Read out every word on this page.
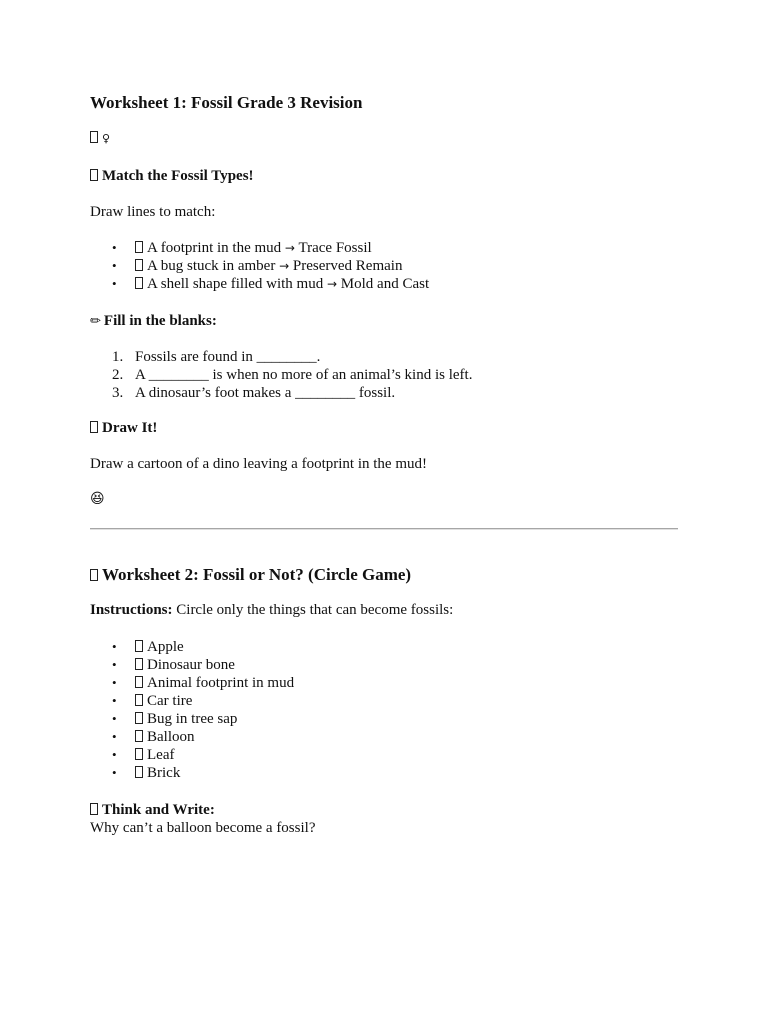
Worksheet 1: Fossil Grade 3 Revision
♀
Match the Fossil Types!
Draw lines to match:
• A footprint in the mud → Trace Fossil
• A bug stuck in amber → Preserved Remain
• A shell shape filled with mud → Mold and Cast
✏ Fill in the blanks:
1. Fossils are found in ________.
2. A ________ is when no more of an animal’s kind is left.
3. A dinosaur’s foot makes a ________ fossil.
Draw It!
Draw a cartoon of a dino leaving a footprint in the mud!
😆
Worksheet 2: Fossil or Not? (Circle Game)
Instructions: Circle only the things that can become fossils:
• Apple
• Dinosaur bone
• Animal footprint in mud
• Car tire
• Bug in tree sap
• Balloon
• Leaf
• Brick
Think and Write:
Why can’t a balloon become a fossil?
